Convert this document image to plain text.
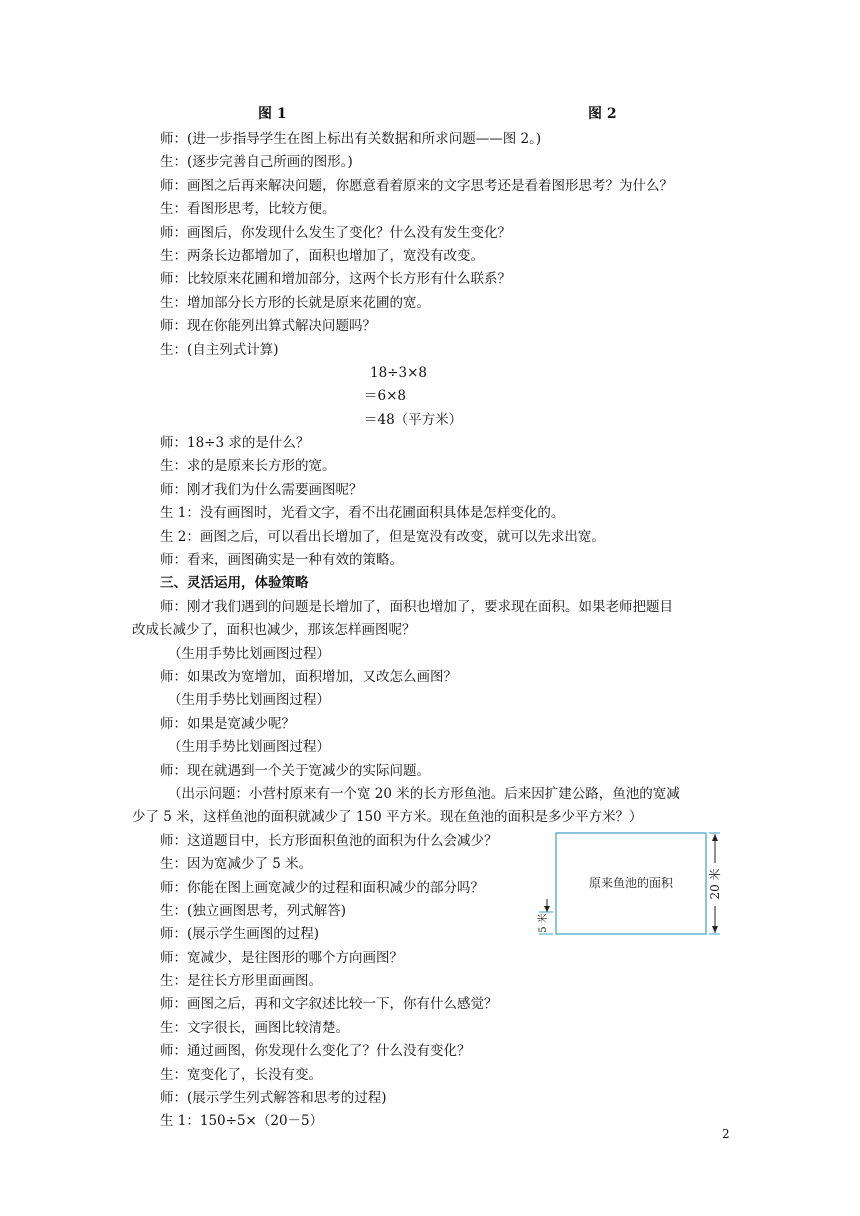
图 1	图 2
师：(进一步指导学生在图上标出有关数据和所求问题——图 2。)
生：(逐步完善自己所画的图形。)
师：画图之后再来解决问题，你愿意看着原来的文字思考还是看着图形思考？为什么？
生：看图形思考，比较方便。
师：画图后，你发现什么发生了变化？什么没有发生变化？
生：两条长边都增加了，面积也增加了，宽没有改变。
师：比较原来花圃和增加部分，这两个长方形有什么联系？
生：增加部分长方形的长就是原来花圃的宽。
师：现在你能列出算式解决问题吗？
生：(自主列式计算)
18÷3×8
＝6×8
＝48（平方米）
师：18÷3 求的是什么？
生：求的是原来长方形的宽。
师：刚才我们为什么需要画图呢？
生 1：没有画图时，光看文字，看不出花圃面积具体是怎样变化的。
生 2：画图之后，可以看出长增加了，但是宽没有改变，就可以先求出宽。
师：看来，画图确实是一种有效的策略。
三、灵活运用，体验策略
师：刚才我们遇到的问题是长增加了，面积也增加了，要求现在面积。如果老师把题目
改成长减少了，面积也减少，那该怎样画图呢？
（生用手势比划画图过程）
师：如果改为宽增加，面积增加，又改怎么画图？
（生用手势比划画图过程）
师：如果是宽减少呢？
（生用手势比划画图过程）
师：现在就遇到一个关于宽减少的实际问题。
（出示问题：小营村原来有一个宽 20 米的长方形鱼池。后来因扩建公路，鱼池的宽减
少了 5 米，这样鱼池的面积就减少了 150 平方米。现在鱼池的面积是多少平方米？）
师：这道题目中，长方形面积鱼池的面积为什么会减少？
生：因为宽减少了 5 米。
师：你能在图上画宽减少的过程和面积减少的部分吗？
生：(独立画图思考，列式解答)
师：(展示学生画图的过程)
师：宽减少，是往图形的哪个方向画图？
生：是往长方形里面画图。
师：画图之后，再和文字叙述比较一下，你有什么感觉？
生：文字很长，画图比较清楚。
师：通过画图，你发现什么变化了？什么没有变化？
生：宽变化了，长没有变。
师：(展示学生列式解答和思考的过程)
生 1：150÷5×（20－5）
原来鱼池的面积	20 米
5 米
2
